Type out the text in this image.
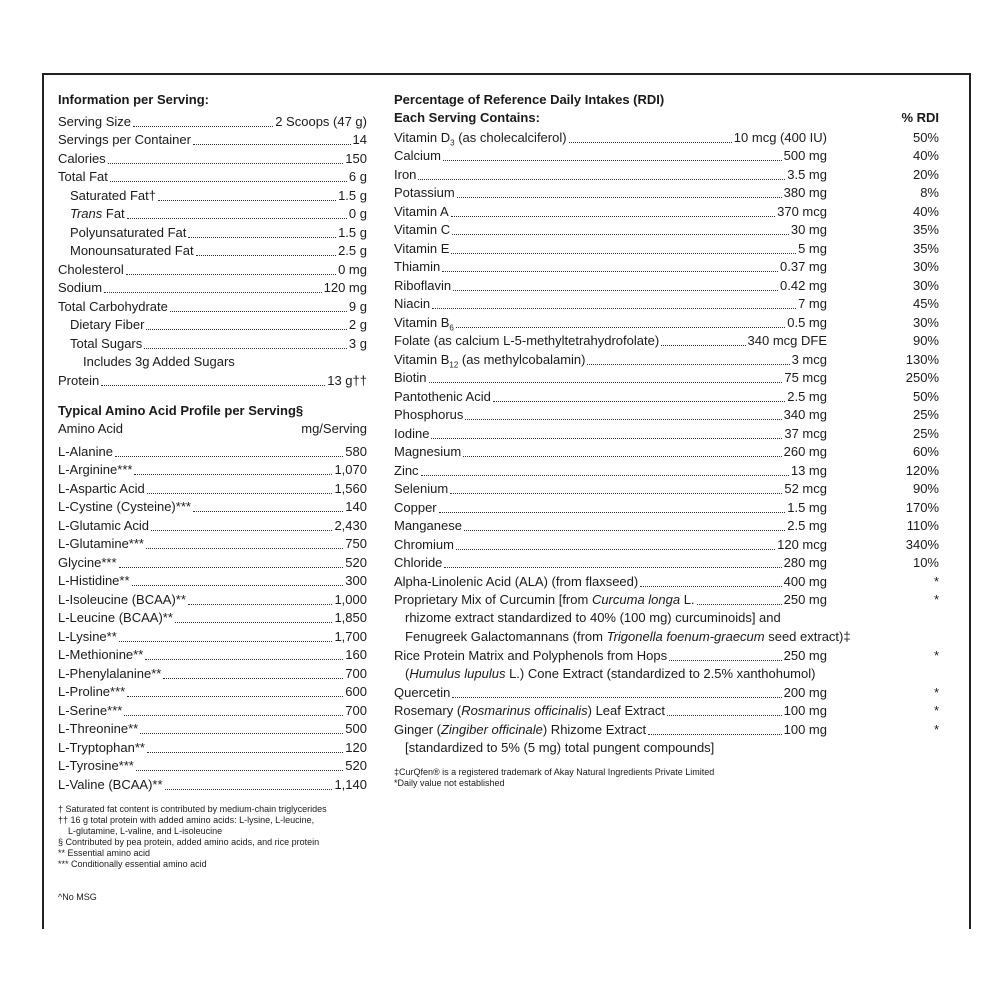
Information per Serving:
Serving Size	2 Scoops (47 g)
Servings per Container	14
Calories	150
Total Fat	6 g
Saturated Fat†	1.5 g
Trans Fat	0 g
Polyunsaturated Fat	1.5 g
Monounsaturated Fat	2.5 g
Cholesterol	0 mg
Sodium	120 mg
Total Carbohydrate	9 g
Dietary Fiber	2 g
Total Sugars	3 g
Includes 3g Added Sugars
Protein	13 g††
Typical Amino Acid Profile per Serving§
Amino Acid	mg/Serving
L-Alanine	580
L-Arginine***	1,070
L-Aspartic Acid	1,560
L-Cystine (Cysteine)***	140
L-Glutamic Acid	2,430
L-Glutamine***	750
Glycine***	520
L-Histidine**	300
L-Isoleucine (BCAA)**	1,000
L-Leucine (BCAA)**	1,850
L-Lysine**	1,700
L-Methionine**	160
L-Phenylalanine**	700
L-Proline***	600
L-Serine***	700
L-Threonine**	500
L-Tryptophan**	120
L-Tyrosine***	520
L-Valine (BCAA)**	1,140
† Saturated fat content is contributed by medium-chain triglycerides
†† 16 g total protein with added amino acids: L-lysine, L-leucine,
L-glutamine, L-valine, and L-isoleucine
§ Contributed by pea protein, added amino acids, and rice protein
** Essential amino acid
*** Conditionally essential amino acid
^No MSG
Percentage of Reference Daily Intakes (RDI)
Each Serving Contains:	% RDI
Vitamin $D_3$ (as cholecalciferol)	10 mcg (400 IU)	50%
Calcium	500 mg	40%
Iron	3.5 mg	20%
Potassium	380 mg	8%
Vitamin A	370 mcg	40%
Vitamin C	30 mg	35%
Vitamin E	5 mg	35%
Thiamin	0.37 mg	30%
Riboflavin	0.42 mg	30%
Niacin	7 mg	45%
Vitamin $B_6$	0.5 mg	30%
Folate (as calcium L-5-methyltetrahydrofolate)	340 mcg DFE	90%
Vitamin $B_{12}$ (as methylcobalamin)	3 mcg	130%
Biotin	75 mcg	250%
Pantothenic Acid	2.5 mg	50%
Phosphorus	340 mg	25%
Iodine	37 mcg	25%
Magnesium	260 mg	60%
Zinc	13 mg	120%
Selenium	52 mcg	90%
Copper	1.5 mg	170%
Manganese	2.5 mg	110%
Chromium	120 mcg	340%
Chloride	280 mg	10%
Alpha-Linolenic Acid (ALA) (from flaxseed)	400 mg	*
Proprietary Mix of Curcumin [from Curcuma longa L.	250 mg	*
rhizome extract standardized to 40% (100 mg) curcuminoids] and
Fenugreek Galactomannans (from Trigonella foenum-graecum seed extract)‡
Rice Protein Matrix and Polyphenols from Hops	250 mg	*
(Humulus lupulus L.) Cone Extract (standardized to 2.5% xanthohumol)
Quercetin	200 mg	*
Rosemary (Rosmarinus officinalis) Leaf Extract	100 mg	*
Ginger (Zingiber officinale) Rhizome Extract	100 mg	*
[standardized to 5% (5 mg) total pungent compounds]
‡CurQfen® is a registered trademark of Akay Natural Ingredients Private Limited
*Daily value not established
